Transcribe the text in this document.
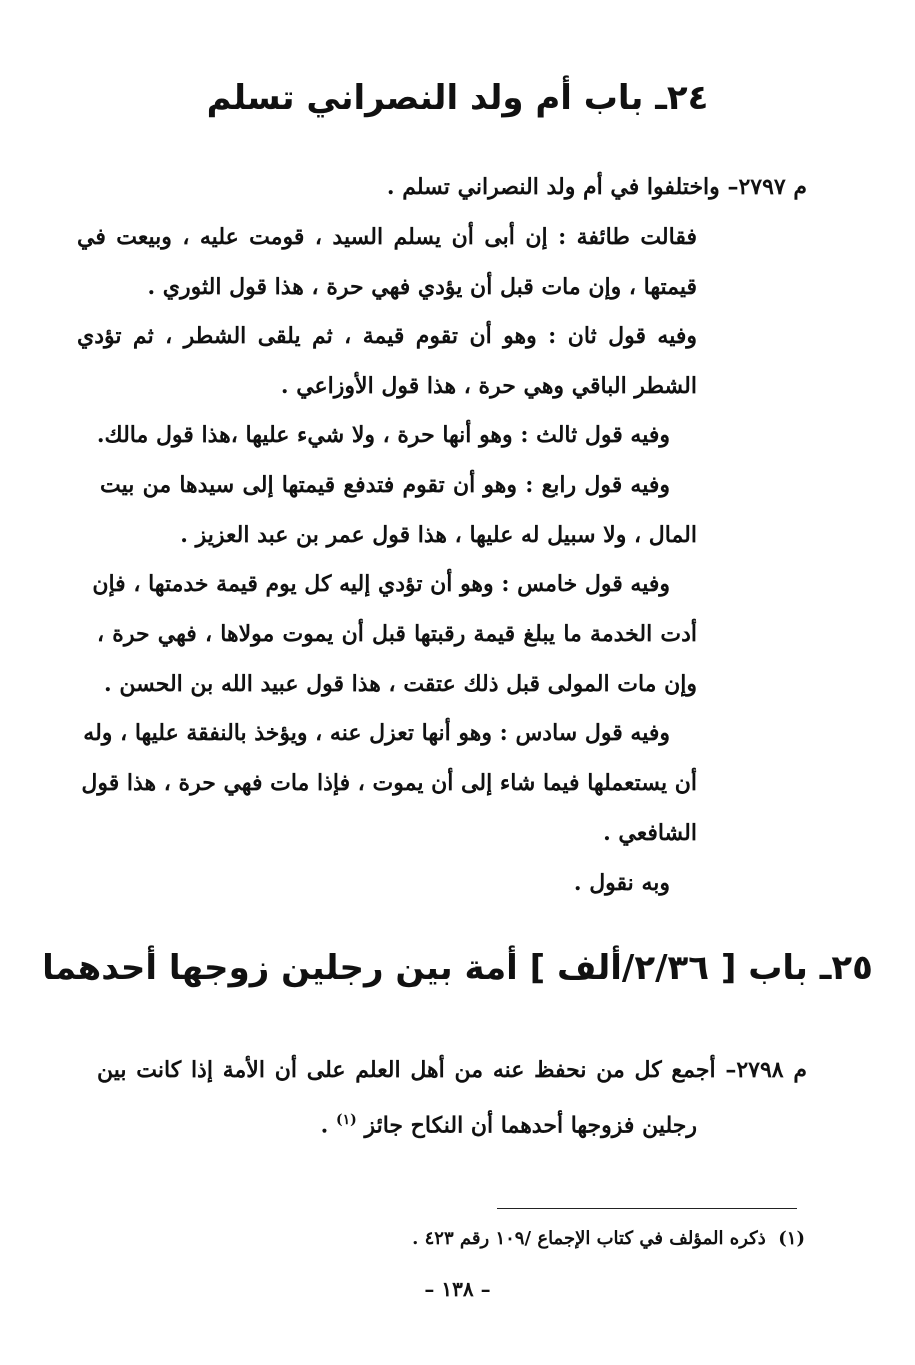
٢٤ـ باب أم ولد النصراني تسلم
م ٢٧٩٧– واختلفوا في أم ولد النصراني تسلم .
فقالت طائفة : إن أبى أن يسلم السيد ، قومت عليه ، وبيعت في
قيمتها ، وإن مات قبل أن يؤدي فهي حرة ، هذا قول الثوري .
وفيه قول ثان : وهو أن تقوم قيمة ، ثم يلقى الشطر ، ثم تؤدي
الشطر الباقي وهي حرة ، هذا قول الأوزاعي .
وفيه قول ثالث : وهو أنها حرة ، ولا شيء عليها ،هذا قول مالك.
وفيه قول رابع : وهو أن تقوم فتدفع قيمتها إلى سيدها من بيت
المال ، ولا سبيل له عليها ، هذا قول عمر بن عبد العزيز .
وفيه قول خامس : وهو أن تؤدي إليه كل يوم قيمة خدمتها ، فإن
أدت الخدمة ما يبلغ قيمة رقبتها قبل أن يموت مولاها ، فهي حرة ،
وإن مات المولى قبل ذلك عتقت ، هذا قول عبيد الله بن الحسن .
وفيه قول سادس : وهو أنها تعزل عنه ، ويؤخذ بالنفقة عليها ، وله
أن يستعملها فيما شاء إلى أن يموت ، فإذا مات فهي حرة ، هذا قول
الشافعي .
وبه نقول .
٢٥ـ باب [ ٢/٣٦/ألف ] أمة بين رجلين زوجها أحدهما
م ٢٧٩٨– أجمع كل من نحفظ عنه من أهل العلم على أن الأمة إذا كانت بين
رجلين فزوجها أحدهما أن النكاح جائز $^{(١)}$ .
(١)  ذكره المؤلف في كتاب الإجماع /١٠٩ رقم ٤٢٣ .
– ١٣٨ –
